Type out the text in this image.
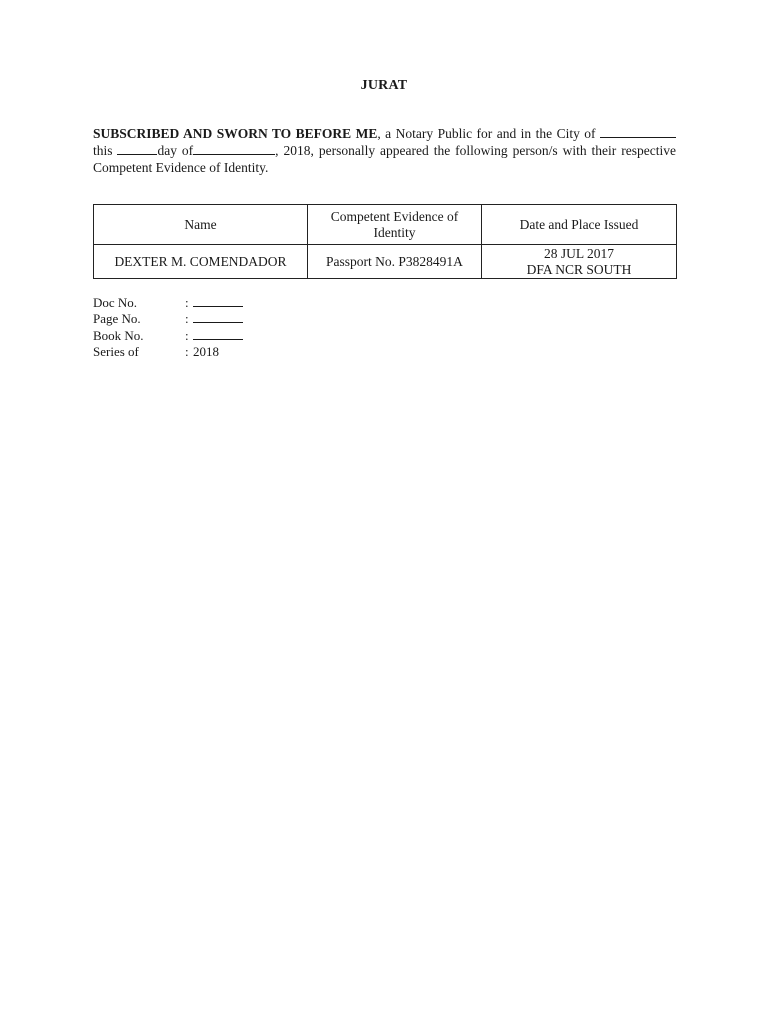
JURAT
SUBSCRIBED AND SWORN TO BEFORE ME, a Notary Public for and in the City of  this	day of	, 2018, personally appeared the following person/s with their respective Competent Evidence of Identity.
Name	Competent Evidence of Identity	Date and Place Issued
DEXTER M. COMENDADOR	Passport No. P3828491A	28 JUL 2017
DFA NCR SOUTH
Doc No.	:
Page No.	:
Book No.	:
Series of	: 2018
